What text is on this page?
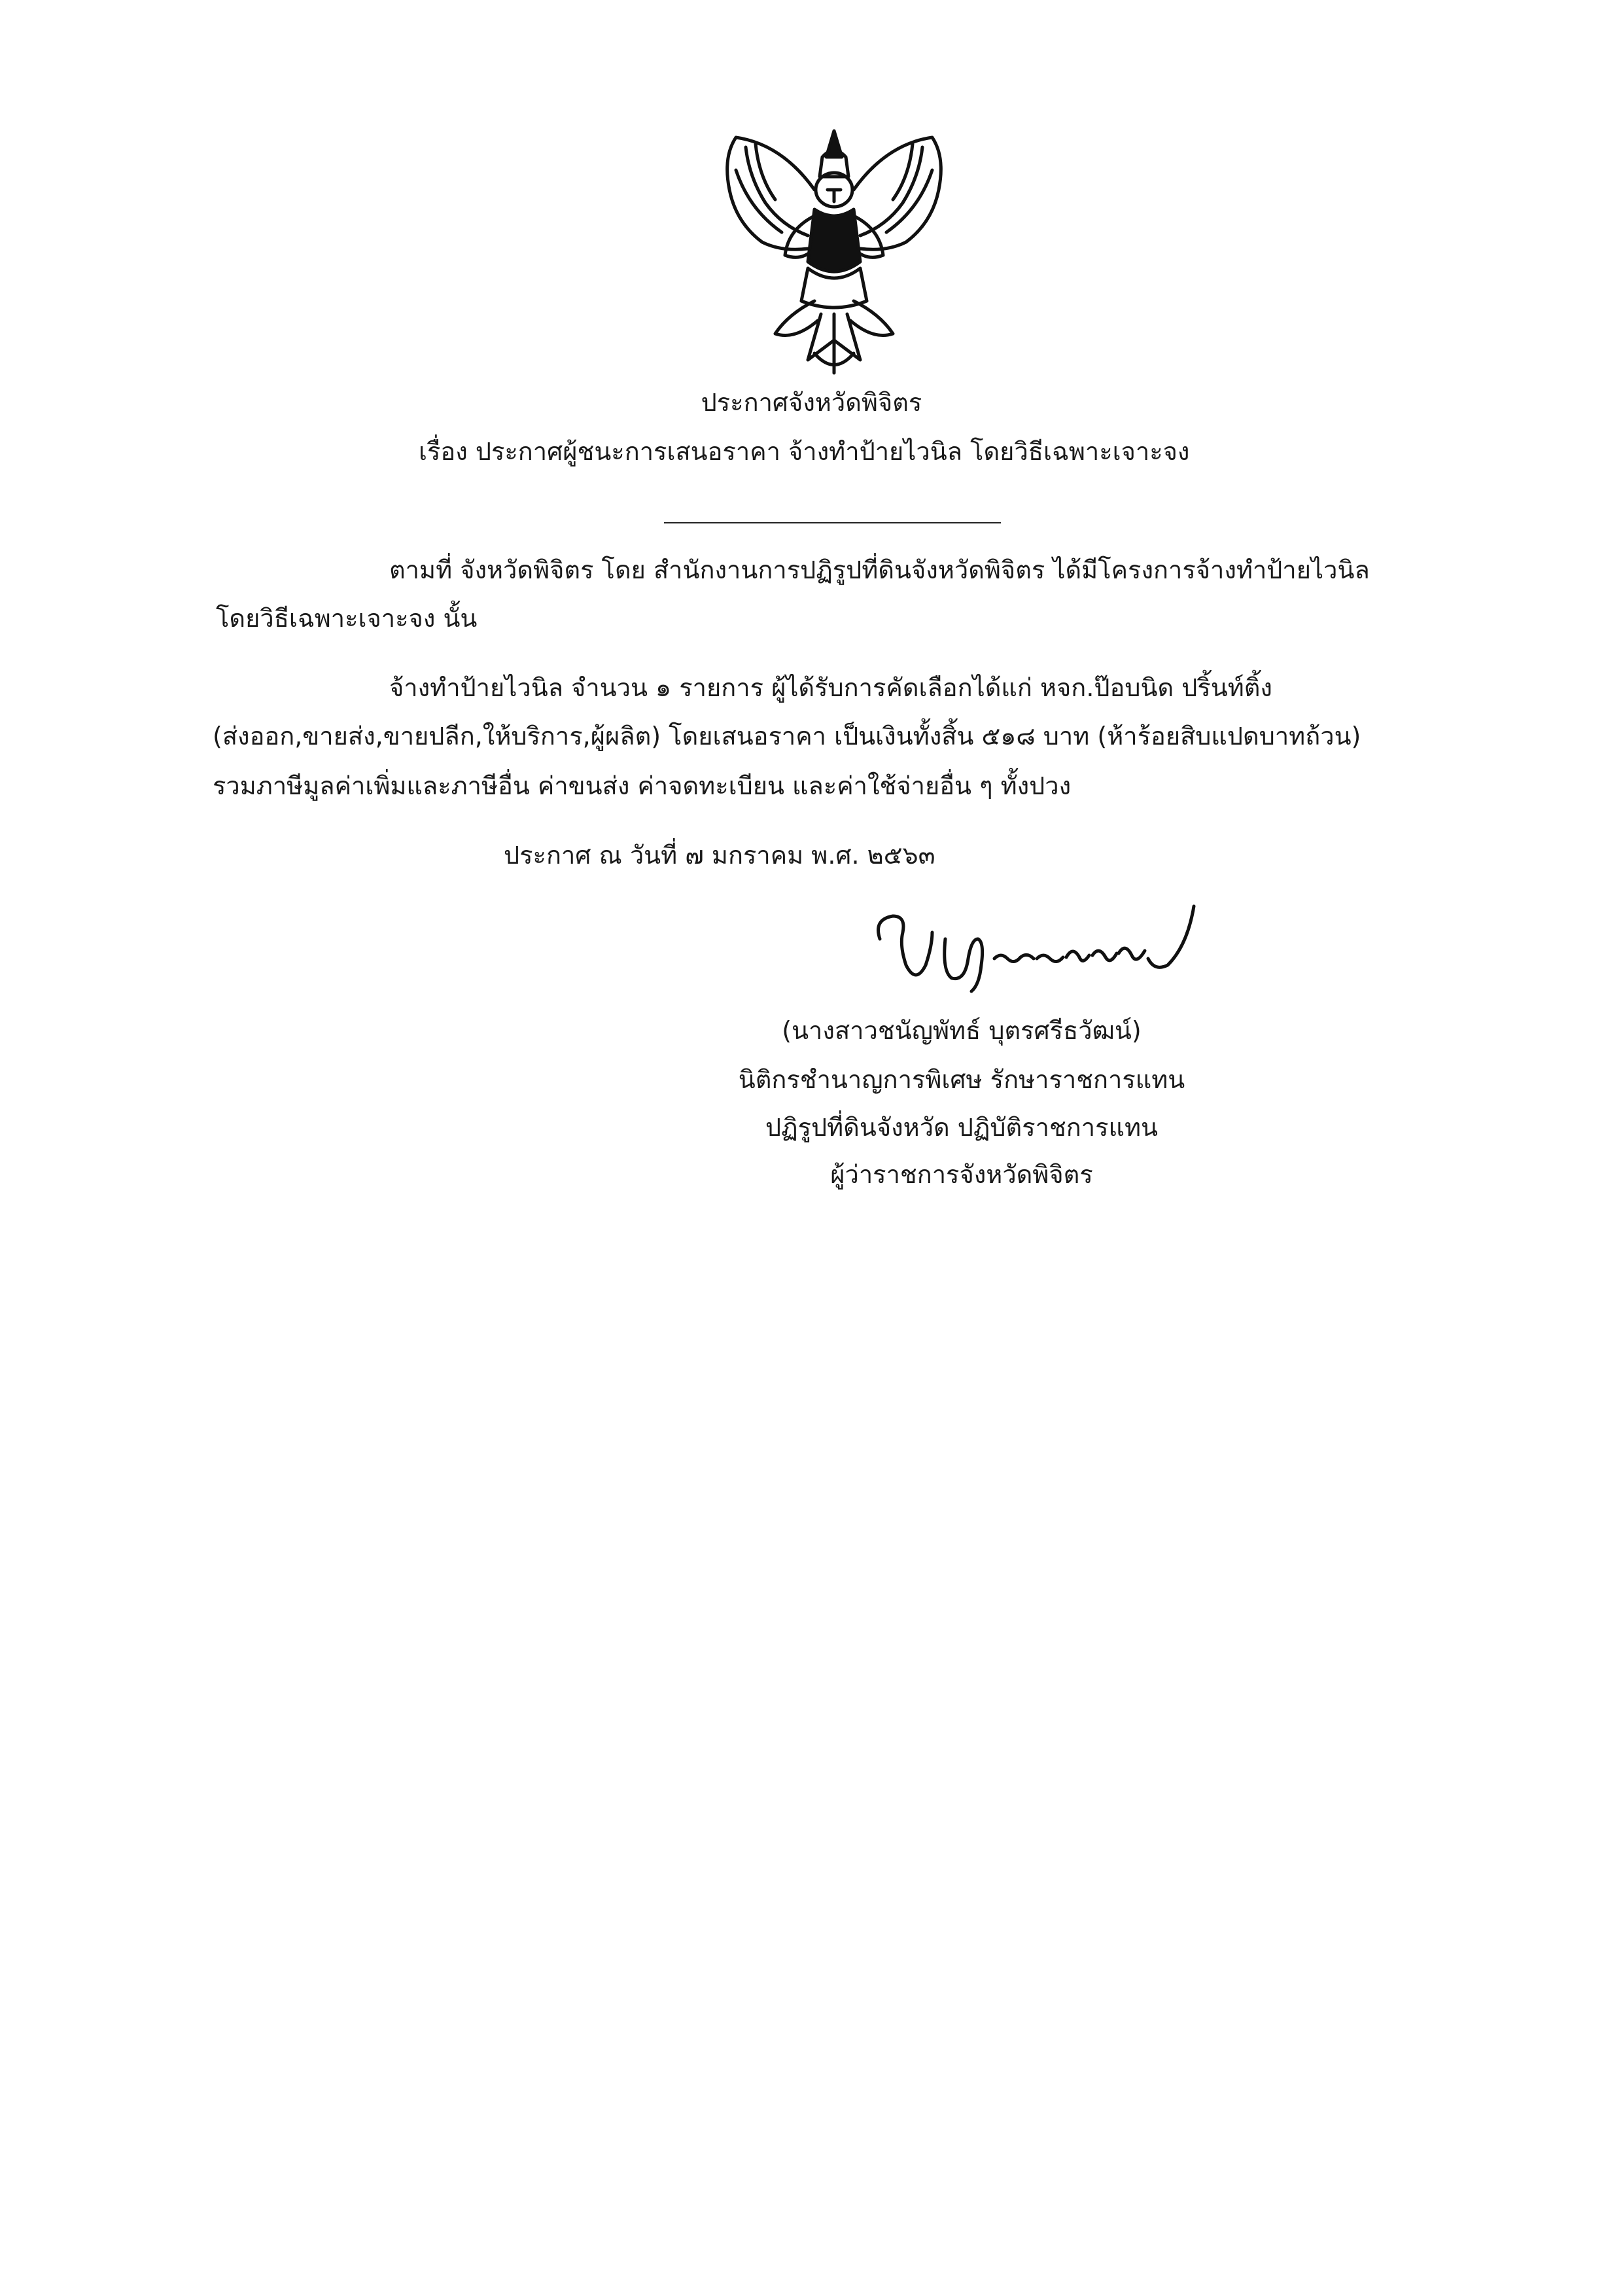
ประกาศจังหวัดพิจิตร
เรื่อง ประกาศผู้ชนะการเสนอราคา จ้างทำป้ายไวนิล โดยวิธีเฉพาะเจาะจง
ตามที่ จังหวัดพิจิตร โดย สำนักงานการปฏิรูปที่ดินจังหวัดพิจิตร ได้มีโครงการจ้างทำป้ายไวนิล
โดยวิธีเฉพาะเจาะจง นั้น
จ้างทำป้ายไวนิล จำนวน ๑ รายการ ผู้ได้รับการคัดเลือกได้แก่ หจก.ป๊อบนิด ปริ้นท์ติ้ง
(ส่งออก,ขายส่ง,ขายปลีก,ให้บริการ,ผู้ผลิต) โดยเสนอราคา เป็นเงินทั้งสิ้น ๕๑๘ บาท (ห้าร้อยสิบแปดบาทถ้วน)
รวมภาษีมูลค่าเพิ่มและภาษีอื่น ค่าขนส่ง ค่าจดทะเบียน และค่าใช้จ่ายอื่น ๆ ทั้งปวง
ประกาศ ณ วันที่ ๗ มกราคม พ.ศ. ๒๕๖๓
(นางสาวชนัญพัทธ์ บุตรศรีธวัฒน์)
นิติกรชำนาญการพิเศษ รักษาราชการแทน
ปฏิรูปที่ดินจังหวัด ปฏิบัติราชการแทน
ผู้ว่าราชการจังหวัดพิจิตร
